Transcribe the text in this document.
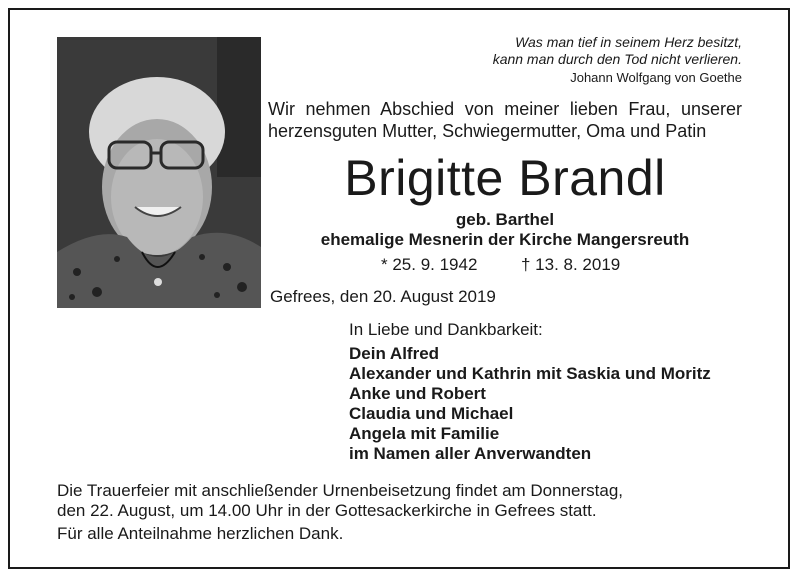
Was man tief in seinem Herz besitzt,
kann man durch den Tod nicht verlieren.
Johann Wolfgang von Goethe
Wir nehmen Abschied von meiner lieben Frau, unserer herzensguten Mutter, Schwiegermutter, Oma und Patin
Brigitte Brandl
geb. Barthel
ehemalige Mesnerin der Kirche Mangersreuth
* 25. 9. 1942	† 13. 8. 2019
Gefrees, den 20. August 2019
In Liebe und Dankbarkeit:
Dein Alfred
Alexander und Kathrin mit Saskia und Moritz
Anke und Robert
Claudia und Michael
Angela mit Familie
im Namen aller Anverwandten
Die Trauerfeier mit anschließender Urnenbeisetzung findet am Donnerstag,
den 22. August, um 14.00 Uhr in der Gottesackerkirche in Gefrees statt.
Für alle Anteilnahme herzlichen Dank.
